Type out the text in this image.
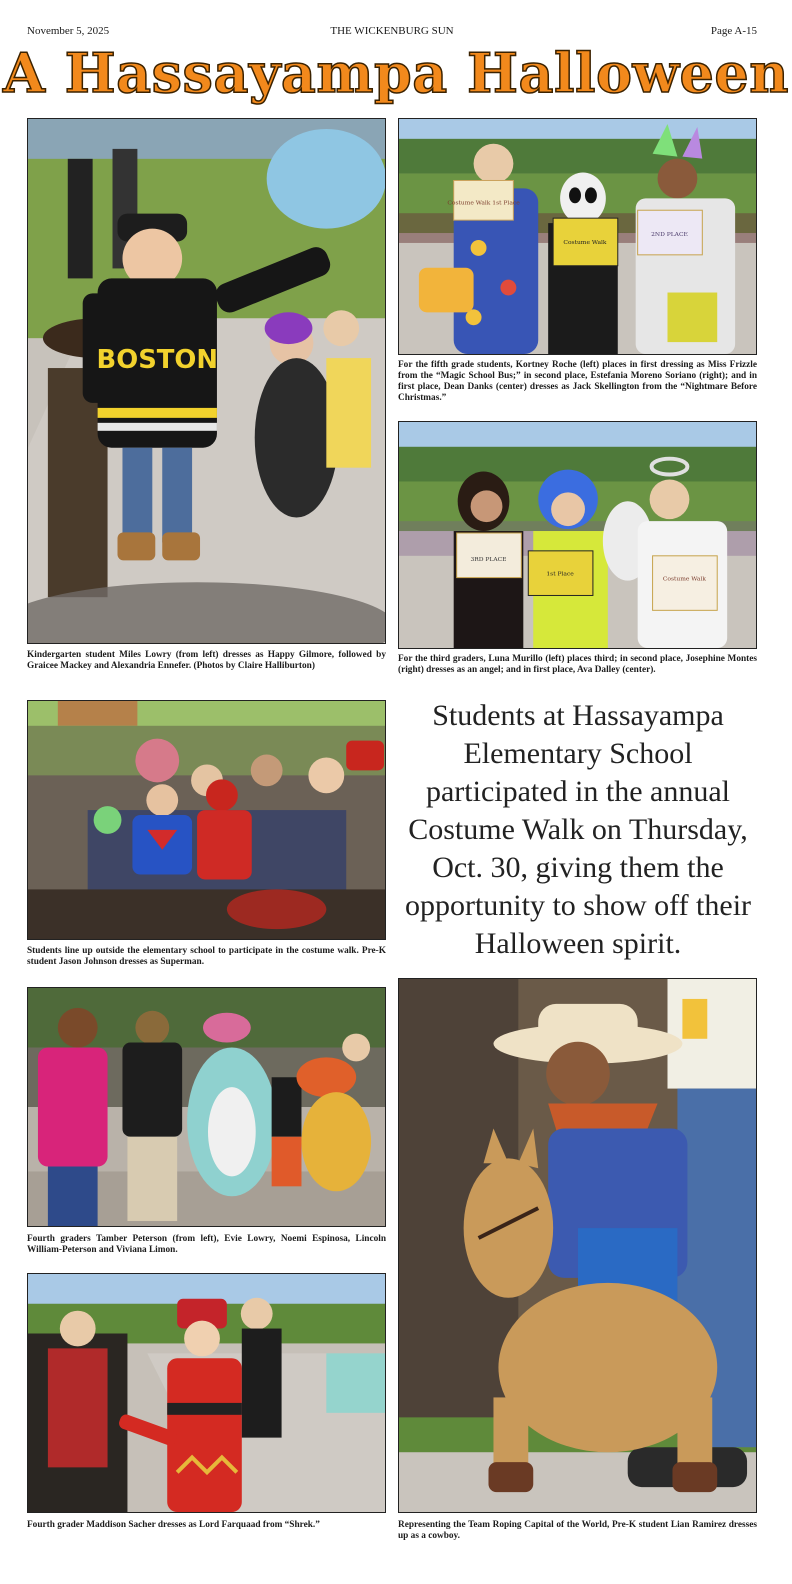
November 5, 2025	THE WICKENBURG SUN	Page A-15
A Hassayampa Halloween
BOSTON
Kindergarten student Miles Lowry (from left) dresses as Happy Gilmore, followed by Graicee Mackey and Alexandria Ennefer. (Photos by Claire Halliburton)
Costume Walk 1st Place
Costume Walk
2ND PLACE
For the fifth grade students, Kortney Roche (left) places in first dressing as Miss Frizzle from the “Magic School Bus;” in second place, Estefania Moreno Soriano (right); and in first place, Dean Danks (center) dresses as Jack Skellington from the “Nightmare Before Christmas.”
3RD PLACE
1st Place
Costume Walk
For the third graders, Luna Murillo (left) places third; in second place, Josephine Montes (right) dresses as an angel; and in first place, Ava Dalley (center).
Students line up outside the elementary school to participate in the costume walk. Pre-K student Jason Johnson dresses as Superman.
Students at Hassayampa Elementary School participated in the annual Costume Walk on Thursday, Oct. 30, giving them the opportunity to show off their Halloween spirit.
Fourth graders Tamber Peterson (from left), Evie Lowry, Noemi Espinosa, Lincoln William-Peterson and Viviana Limon.
Fourth grader Maddison Sacher dresses as Lord Farquaad from “Shrek.”	Representing the Team Roping Capital of the World, Pre-K student Lian Ramirez dresses up as a cowboy.
